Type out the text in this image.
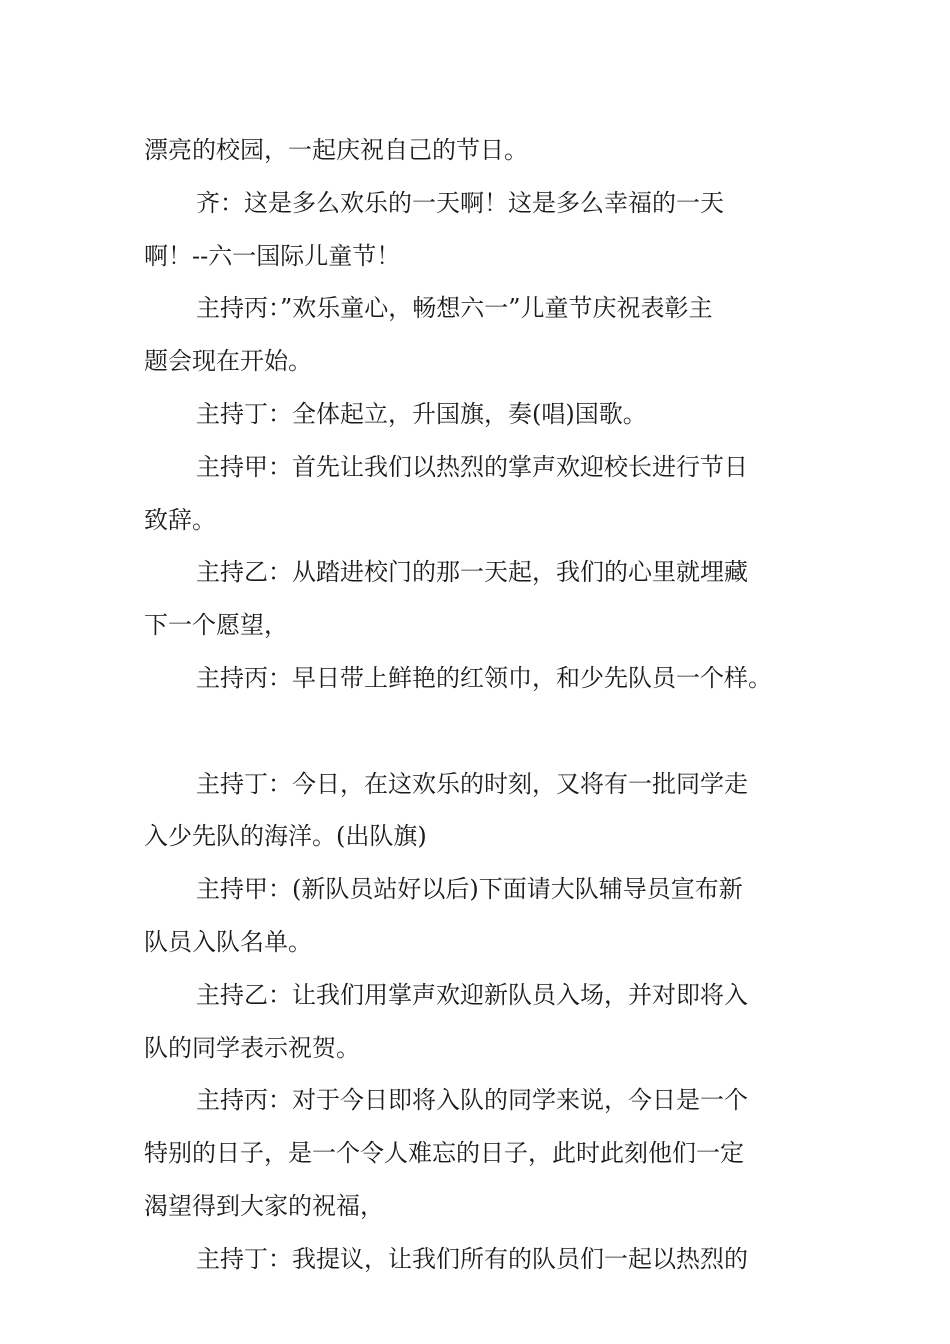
漂亮的校园，一起庆祝自己的节日。
齐：这是多么欢乐的一天啊！这是多么幸福的一天
啊！--六一国际儿童节！
主持丙：”欢乐童心，畅想六一”儿童节庆祝表彰主
题会现在开始。
主持丁：全体起立，升国旗，奏(唱)国歌。
主持甲：首先让我们以热烈的掌声欢迎校长进行节日
致辞。
主持乙：从踏进校门的那一天起，我们的心里就埋藏
下一个愿望，
主持丙：早日带上鲜艳的红领巾，和少先队员一个样。
主持丁：今日，在这欢乐的时刻，又将有一批同学走
入少先队的海洋。(出队旗)
主持甲：(新队员站好以后)下面请大队辅导员宣布新
队员入队名单。
主持乙：让我们用掌声欢迎新队员入场，并对即将入
队的同学表示祝贺。
主持丙：对于今日即将入队的同学来说，今日是一个
特别的日子，是一个令人难忘的日子，此时此刻他们一定
渴望得到大家的祝福，
主持丁：我提议，让我们所有的队员们一起以热烈的
